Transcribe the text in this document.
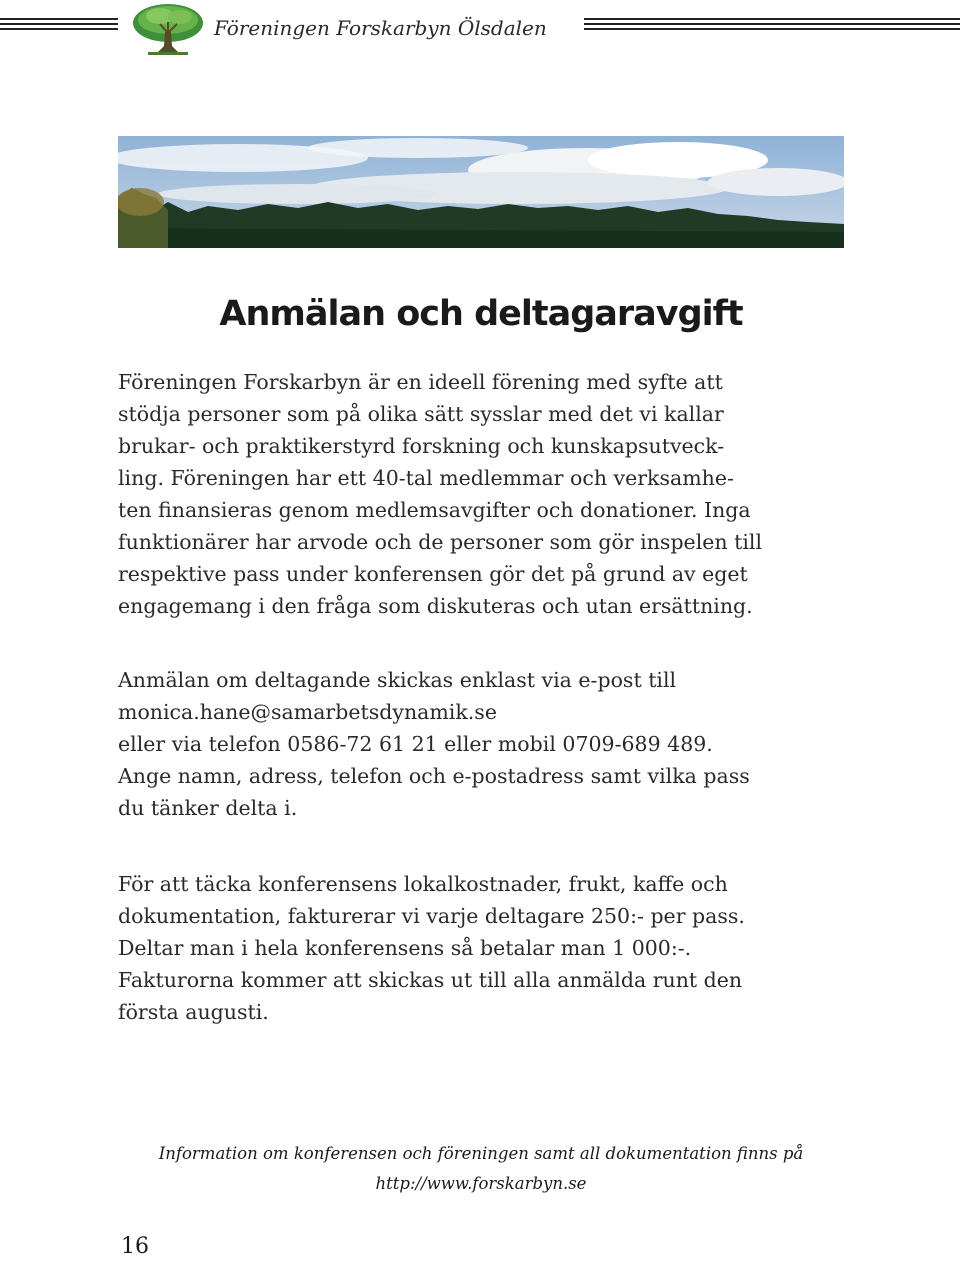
Föreningen Forskarbyn Ölsdalen
Anmälan och deltagaravgift

Föreningen Forskarbyn är en ideell förening med syfte att
stödja personer som på olika sätt sysslar med det vi kallar
brukar- och praktikerstyrd forskning och kunskapsutveck-
ling. Föreningen har ett 40-tal medlemmar och verksamhe-
ten finansieras genom medlemsavgifter och donationer. Inga
funktionärer har arvode och de personer som gör inspelen till
respektive pass under konferensen gör det på grund av eget
engagemang i den fråga som diskuteras och utan ersättning.

Anmälan om deltagande skickas enklast via e-post till
monica.hane@samarbetsdynamik.se
eller via telefon 0586-72 61 21 eller mobil 0709-689 489.
Ange namn, adress, telefon och e-postadress samt vilka pass
du tänker delta i.

För att täcka konferensens lokalkostnader, frukt, kaffe och
dokumentation, fakturerar vi varje deltagare 250:- per pass.
Deltar man i hela konferensens så betalar man 1 000:-.
Fakturorna kommer att skickas ut till alla anmälda runt den
första augusti.

Information om konferensen och föreningen samt all dokumentation finns på
http://www.forskarbyn.se
16
